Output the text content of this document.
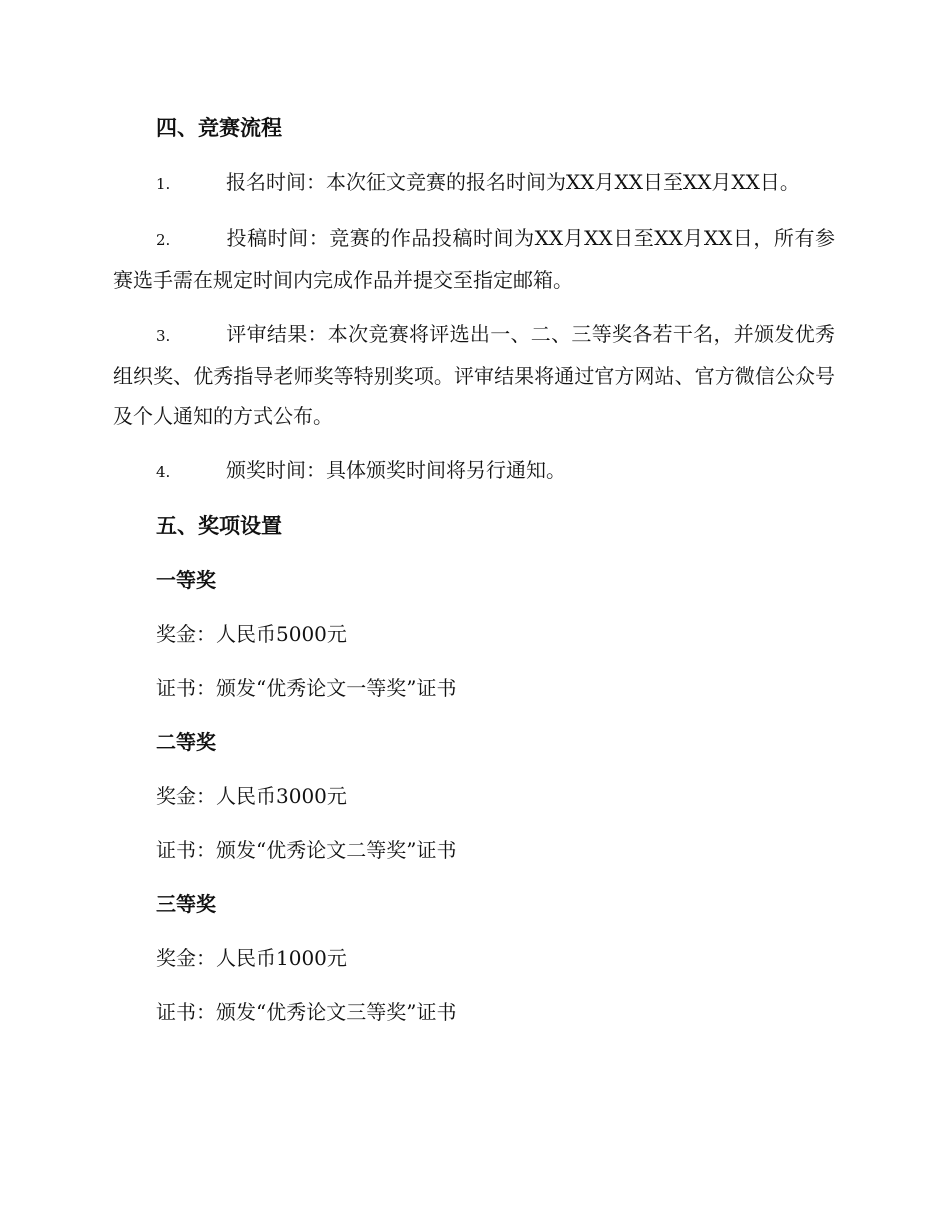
四、竞赛流程
1.	报名时间：本次征文竞赛的报名时间为XX月XX日至XX月XX日。
2.	投稿时间：竞赛的作品投稿时间为XX月XX日至XX月XX日，所有参赛选手需在规定时间内完成作品并提交至指定邮箱。
3.	评审结果：本次竞赛将评选出一、二、三等奖各若干名，并颁发优秀组织奖、优秀指导老师奖等特别奖项。评审结果将通过官方网站、官方微信公众号及个人通知的方式公布。
4.	颁奖时间：具体颁奖时间将另行通知。
五、奖项设置
一等奖
奖金：人民币5000元
证书：颁发“优秀论文一等奖”证书
二等奖
奖金：人民币3000元
证书：颁发“优秀论文二等奖”证书
三等奖
奖金：人民币1000元
证书：颁发“优秀论文三等奖”证书
